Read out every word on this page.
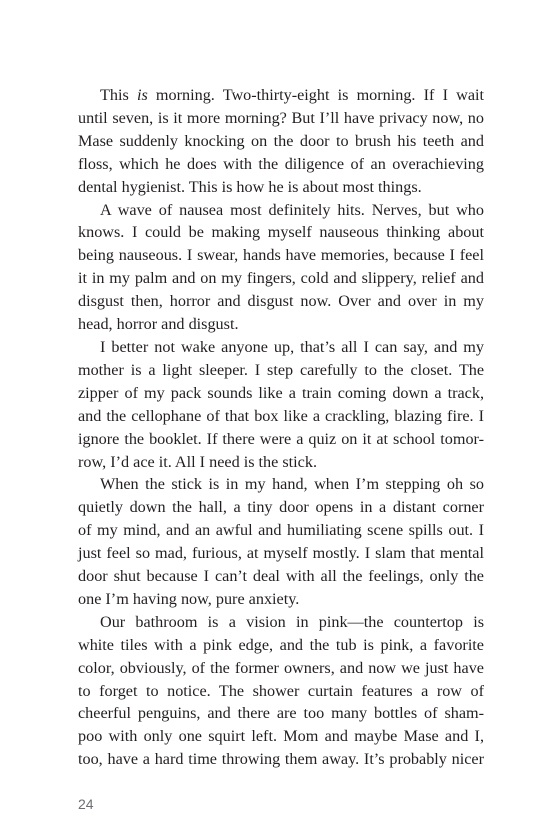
This is morning. Two-thirty-eight is morning. If I wait
until seven, is it more morning? But I’ll have privacy now, no
Mase suddenly knocking on the door to brush his teeth and
floss, which he does with the diligence of an overachieving
dental hygienist. This is how he is about most things.

A wave of nausea most definitely hits. Nerves, but who
knows. I could be making myself nauseous thinking about
being nauseous. I swear, hands have memories, because I feel
it in my palm and on my fingers, cold and slippery, relief and
disgust then, horror and disgust now. Over and over in my
head, horror and disgust.

I better not wake anyone up, that’s all I can say, and my
mother is a light sleeper. I step carefully to the closet. The
zipper of my pack sounds like a train coming down a track,
and the cellophane of that box like a crackling, blazing fire. I
ignore the booklet. If there were a quiz on it at school tomor-
row, I’d ace it. All I need is the stick.

When the stick is in my hand, when I’m stepping oh so
quietly down the hall, a tiny door opens in a distant corner
of my mind, and an awful and humiliating scene spills out. I
just feel so mad, furious, at myself mostly. I slam that mental
door shut because I can’t deal with all the feelings, only the
one I’m having now, pure anxiety.

Our bathroom is a vision in pink—the countertop is
white tiles with a pink edge, and the tub is pink, a favorite
color, obviously, of the former owners, and now we just have
to forget to notice. The shower curtain features a row of
cheerful penguins, and there are too many bottles of sham-
poo with only one squirt left. Mom and maybe Mase and I,
too, have a hard time throwing them away. It’s probably nicer

24
